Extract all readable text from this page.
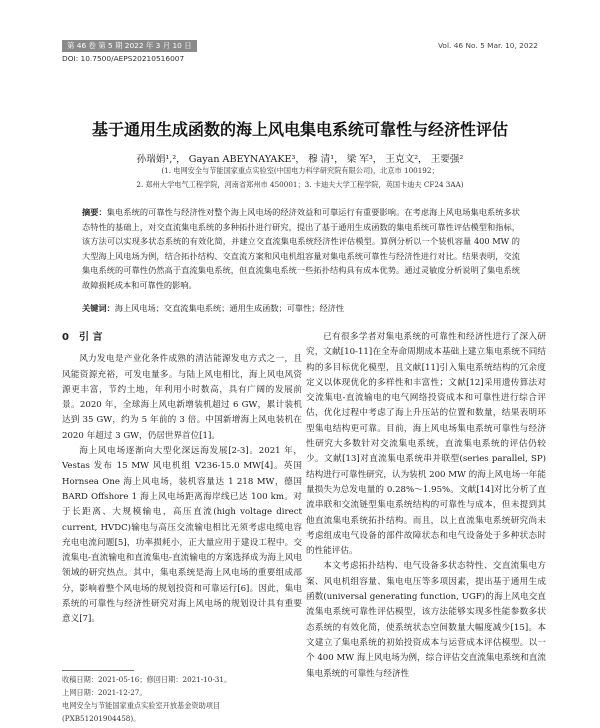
第 46 卷 第 5 期 2022 年 3 月 10 日	Vol. 46 No. 5 Mar. 10, 2022
DOI: 10.7500/AEPS20210516007
基于通用生成函数的海上风电集电系统可靠性与经济性评估
孙瑞娟¹,²， Gayan ABEYNAYAKE³， 穆 清¹， 梁 军³， 王克文²， 王要强²
(1. 电网安全与节能国家重点实验室(中国电力科学研究院有限公司)，北京市 100192；
2. 郑州大学电气工程学院，河南省郑州市 450001；3. 卡迪夫大学工程学院，英国卡迪夫 CF24 3AA)
摘要：集电系统的可靠性与经济性对整个海上风电场的经济效益和可靠运行有重要影响。在考虑海上风电场集电系统多状态特性的基础上，对交直流集电系统的多种拓扑进行研究，提出了基于通用生成函数的集电系统可靠性评估模型和指标，该方法可以实现多状态系统的有效化简，并建立交直流集电系统经济性评估模型。算例分析以一个装机容量 400 MW 的大型海上风电场为例，结合拓扑结构、交直流方案和风电机组容量对集电系统可靠性与经济性进行对比。结果表明，交流集电系统的可靠性仍然高于直流集电系统，但直流集电系统一些拓扑结构具有成本优势。通过灵敏度分析说明了集电系统故障损耗成本和可靠性的影响。
关键词：海上风电场；交直流集电系统；通用生成函数；可靠性；经济性
0 引 言

风力发电是产业化条件成熟的清洁能源发电方式之一，且风能资源充裕，可发电量多。与陆上风电相比，海上风电风资源更丰富，节约土地，年利用小时数高，具有广阔的发展前景。2020 年，全球海上风电新增装机超过 6 GW，累计装机达到 35 GW，约为 5 年前的 3 倍。中国新增海上风电装机在 2020 年超过 3 GW，仍居世界首位[1]。

海上风电场逐渐向大型化深远海发展[2-3]。2021 年，Vestas 发布 15 MW 风电机组 V236-15.0 MW[4]。英国Hornsea One 海上风电场，装机容量达 1 218 MW，德国 BARD Offshore 1 海上风电场距离海岸线已达 100 km。对于长距离、大规模输电，高压直流(high voltage direct current, HVDC)输电与高压交流输电相比无须考虑电缆电容充电电流问题[5]，功率损耗小，正大量应用于建设工程中。交流集电-直流输电和直流集电-直流输电的方案选择成为海上风电领域的研究热点。其中，集电系统是海上风电场的重要组成部分，影响着整个风电场的规划投资和可靠运行[6]。因此，集电系统的可靠性与经济性研究对海上风电场的规划设计具有重要意义[7]。

已有很多学者对集电系统的可靠性和经济性进行了深入研究，文献[10-11]在全寿命周期成本基础上建立集电系统不同结构的多目标优化模型，且文献[11]引入集电系统结构的冗余度定义以体现优化的多样性和丰富性；文献[12]采用遗传算法对交流集电-直流输电的电气网络投资成本和可靠性进行综合评估，优化过程中考虑了海上升压站的位置和数量，结果表明环型集电结构更可靠。目前，海上风电场集电系统可靠性与经济性研究大多数针对交流集电系统，直流集电系统的评估仍较少。文献[13]对直流集电系统串并联型(series parallel, SP)结构进行可靠性研究，认为装机 200 MW 的海上风电场一年能量损失为总发电量的 0.28%～1.95%。文献[14]对比分析了直流串联和交流链型集电系统结构的可靠性与成本，但未提到其他直流集电系统拓扑结构。而且，以上直流集电系统研究尚未考虑组成电气设备的部件故障状态和电气设备处于多种状态时的性能评估。

本文考虑拓扑结构、电气设备多状态特性、交直流集电方案、风电机组容量、集电电压等多项因素，提出基于通用生成函数(universal generating function, UGF)的海上风电交直流集电系统可靠性评估模型，该方法能够实现多性能参数多状态系统的有效化简，使系统状态空间数量大幅度减少[15]。本文建立了集电系统的初始投资成本与运营成本评估模型。以一个 400 MW 海上风电场为例，综合评估交直流集电系统和直流集电系统的可靠性与经济性

收稿日期：2021-05-16；修回日期：2021-10-31。
上网日期：2021-12-27。
电网安全与节能国家重点实验室开放基金资助项目
(PXB51201904458)。
